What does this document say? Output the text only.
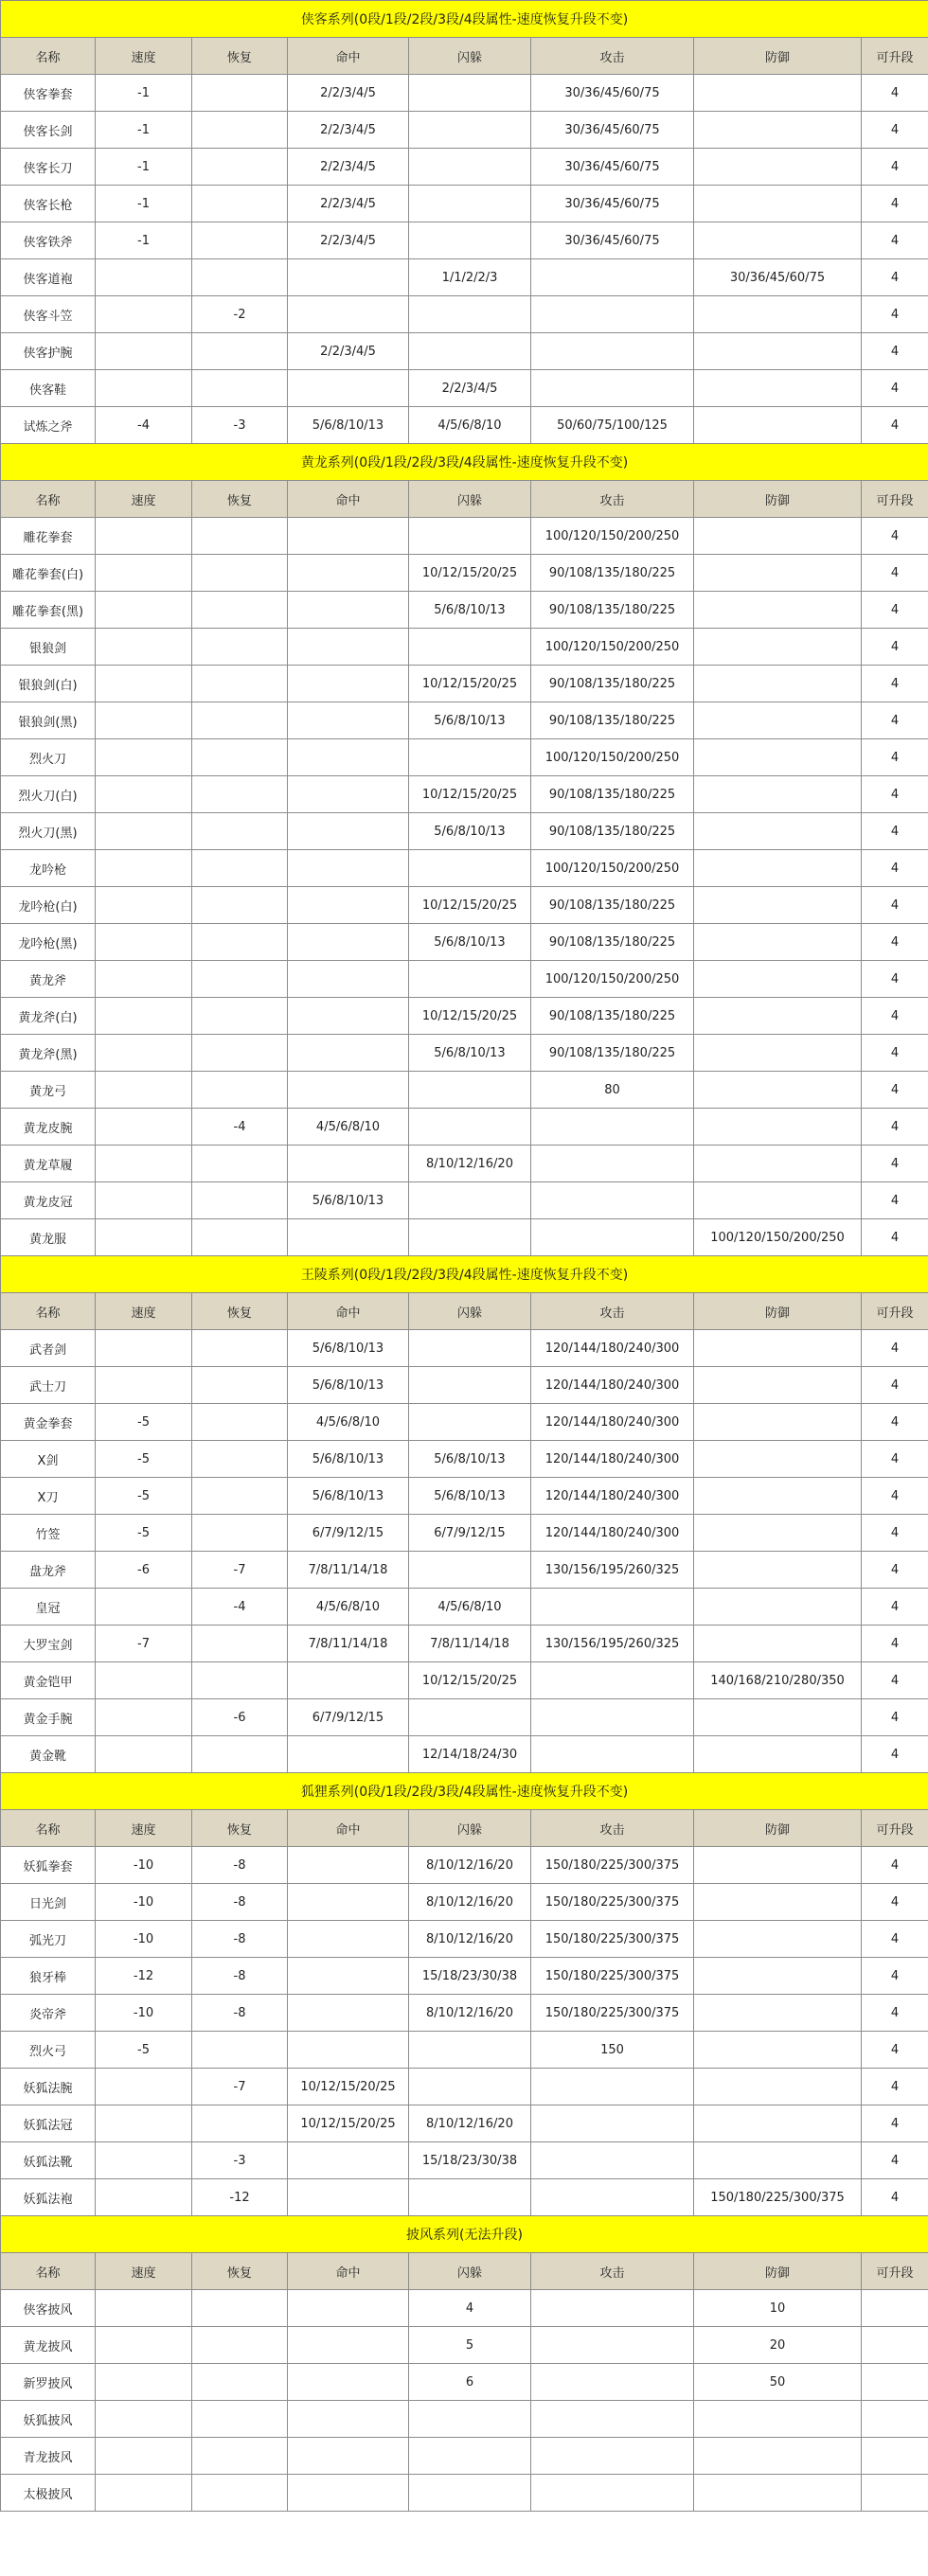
侠客系列(0段/1段/2段/3段/4段属性-速度恢复升段不变)							
名称	速度	恢复	命中	闪躲	攻击	防御	可升段
侠客拳套	-1		2/2/3/4/5		30/36/45/60/75		4
侠客长剑	-1		2/2/3/4/5		30/36/45/60/75		4
侠客长刀	-1		2/2/3/4/5		30/36/45/60/75		4
侠客长枪	-1		2/2/3/4/5		30/36/45/60/75		4
侠客铁斧	-1		2/2/3/4/5		30/36/45/60/75		4
侠客道袍				1/1/2/2/3		30/36/45/60/75	4
侠客斗笠		-2					4
侠客护腕			2/2/3/4/5				4
侠客鞋				2/2/3/4/5			4
试炼之斧	-4	-3	5/6/8/10/13	4/5/6/8/10	50/60/75/100/125		4
黄龙系列(0段/1段/2段/3段/4段属性-速度恢复升段不变)							
名称	速度	恢复	命中	闪躲	攻击	防御	可升段
雕花拳套					100/120/150/200/250		4
雕花拳套(白)				10/12/15/20/25	90/108/135/180/225		4
雕花拳套(黑)				5/6/8/10/13	90/108/135/180/225		4
银狼剑					100/120/150/200/250		4
银狼剑(白)				10/12/15/20/25	90/108/135/180/225		4
银狼剑(黑)				5/6/8/10/13	90/108/135/180/225		4
烈火刀					100/120/150/200/250		4
烈火刀(白)				10/12/15/20/25	90/108/135/180/225		4
烈火刀(黑)				5/6/8/10/13	90/108/135/180/225		4
龙吟枪					100/120/150/200/250		4
龙吟枪(白)				10/12/15/20/25	90/108/135/180/225		4
龙吟枪(黑)				5/6/8/10/13	90/108/135/180/225		4
黄龙斧					100/120/150/200/250		4
黄龙斧(白)				10/12/15/20/25	90/108/135/180/225		4
黄龙斧(黑)				5/6/8/10/13	90/108/135/180/225		4
黄龙弓					80		4
黄龙皮腕		-4	4/5/6/8/10				4
黄龙草履				8/10/12/16/20			4
黄龙皮冠			5/6/8/10/13				4
黄龙服						100/120/150/200/250	4
王陵系列(0段/1段/2段/3段/4段属性-速度恢复升段不变)							
名称	速度	恢复	命中	闪躲	攻击	防御	可升段
武者剑			5/6/8/10/13		120/144/180/240/300		4
武士刀			5/6/8/10/13		120/144/180/240/300		4
黄金拳套	-5		4/5/6/8/10		120/144/180/240/300		4
X剑	-5		5/6/8/10/13	5/6/8/10/13	120/144/180/240/300		4
X刀	-5		5/6/8/10/13	5/6/8/10/13	120/144/180/240/300		4
竹签	-5		6/7/9/12/15	6/7/9/12/15	120/144/180/240/300		4
盘龙斧	-6	-7	7/8/11/14/18		130/156/195/260/325		4
皇冠		-4	4/5/6/8/10	4/5/6/8/10			4
大罗宝剑	-7		7/8/11/14/18	7/8/11/14/18	130/156/195/260/325		4
黄金铠甲				10/12/15/20/25		140/168/210/280/350	4
黄金手腕		-6	6/7/9/12/15				4
黄金靴				12/14/18/24/30			4
狐狸系列(0段/1段/2段/3段/4段属性-速度恢复升段不变)							
名称	速度	恢复	命中	闪躲	攻击	防御	可升段
妖狐拳套	-10	-8		8/10/12/16/20	150/180/225/300/375		4
日光剑	-10	-8		8/10/12/16/20	150/180/225/300/375		4
弧光刀	-10	-8		8/10/12/16/20	150/180/225/300/375		4
狼牙棒	-12	-8		15/18/23/30/38	150/180/225/300/375		4
炎帝斧	-10	-8		8/10/12/16/20	150/180/225/300/375		4
烈火弓	-5				150		4
妖狐法腕		-7	10/12/15/20/25				4
妖狐法冠			10/12/15/20/25	8/10/12/16/20			4
妖狐法靴		-3		15/18/23/30/38			4
妖狐法袍		-12				150/180/225/300/375	4
披风系列(无法升段)							
名称	速度	恢复	命中	闪躲	攻击	防御	可升段
侠客披风				4		10	
黄龙披风				5		20	
新罗披风				6		50	
妖狐披风							
青龙披风							
太极披风							
